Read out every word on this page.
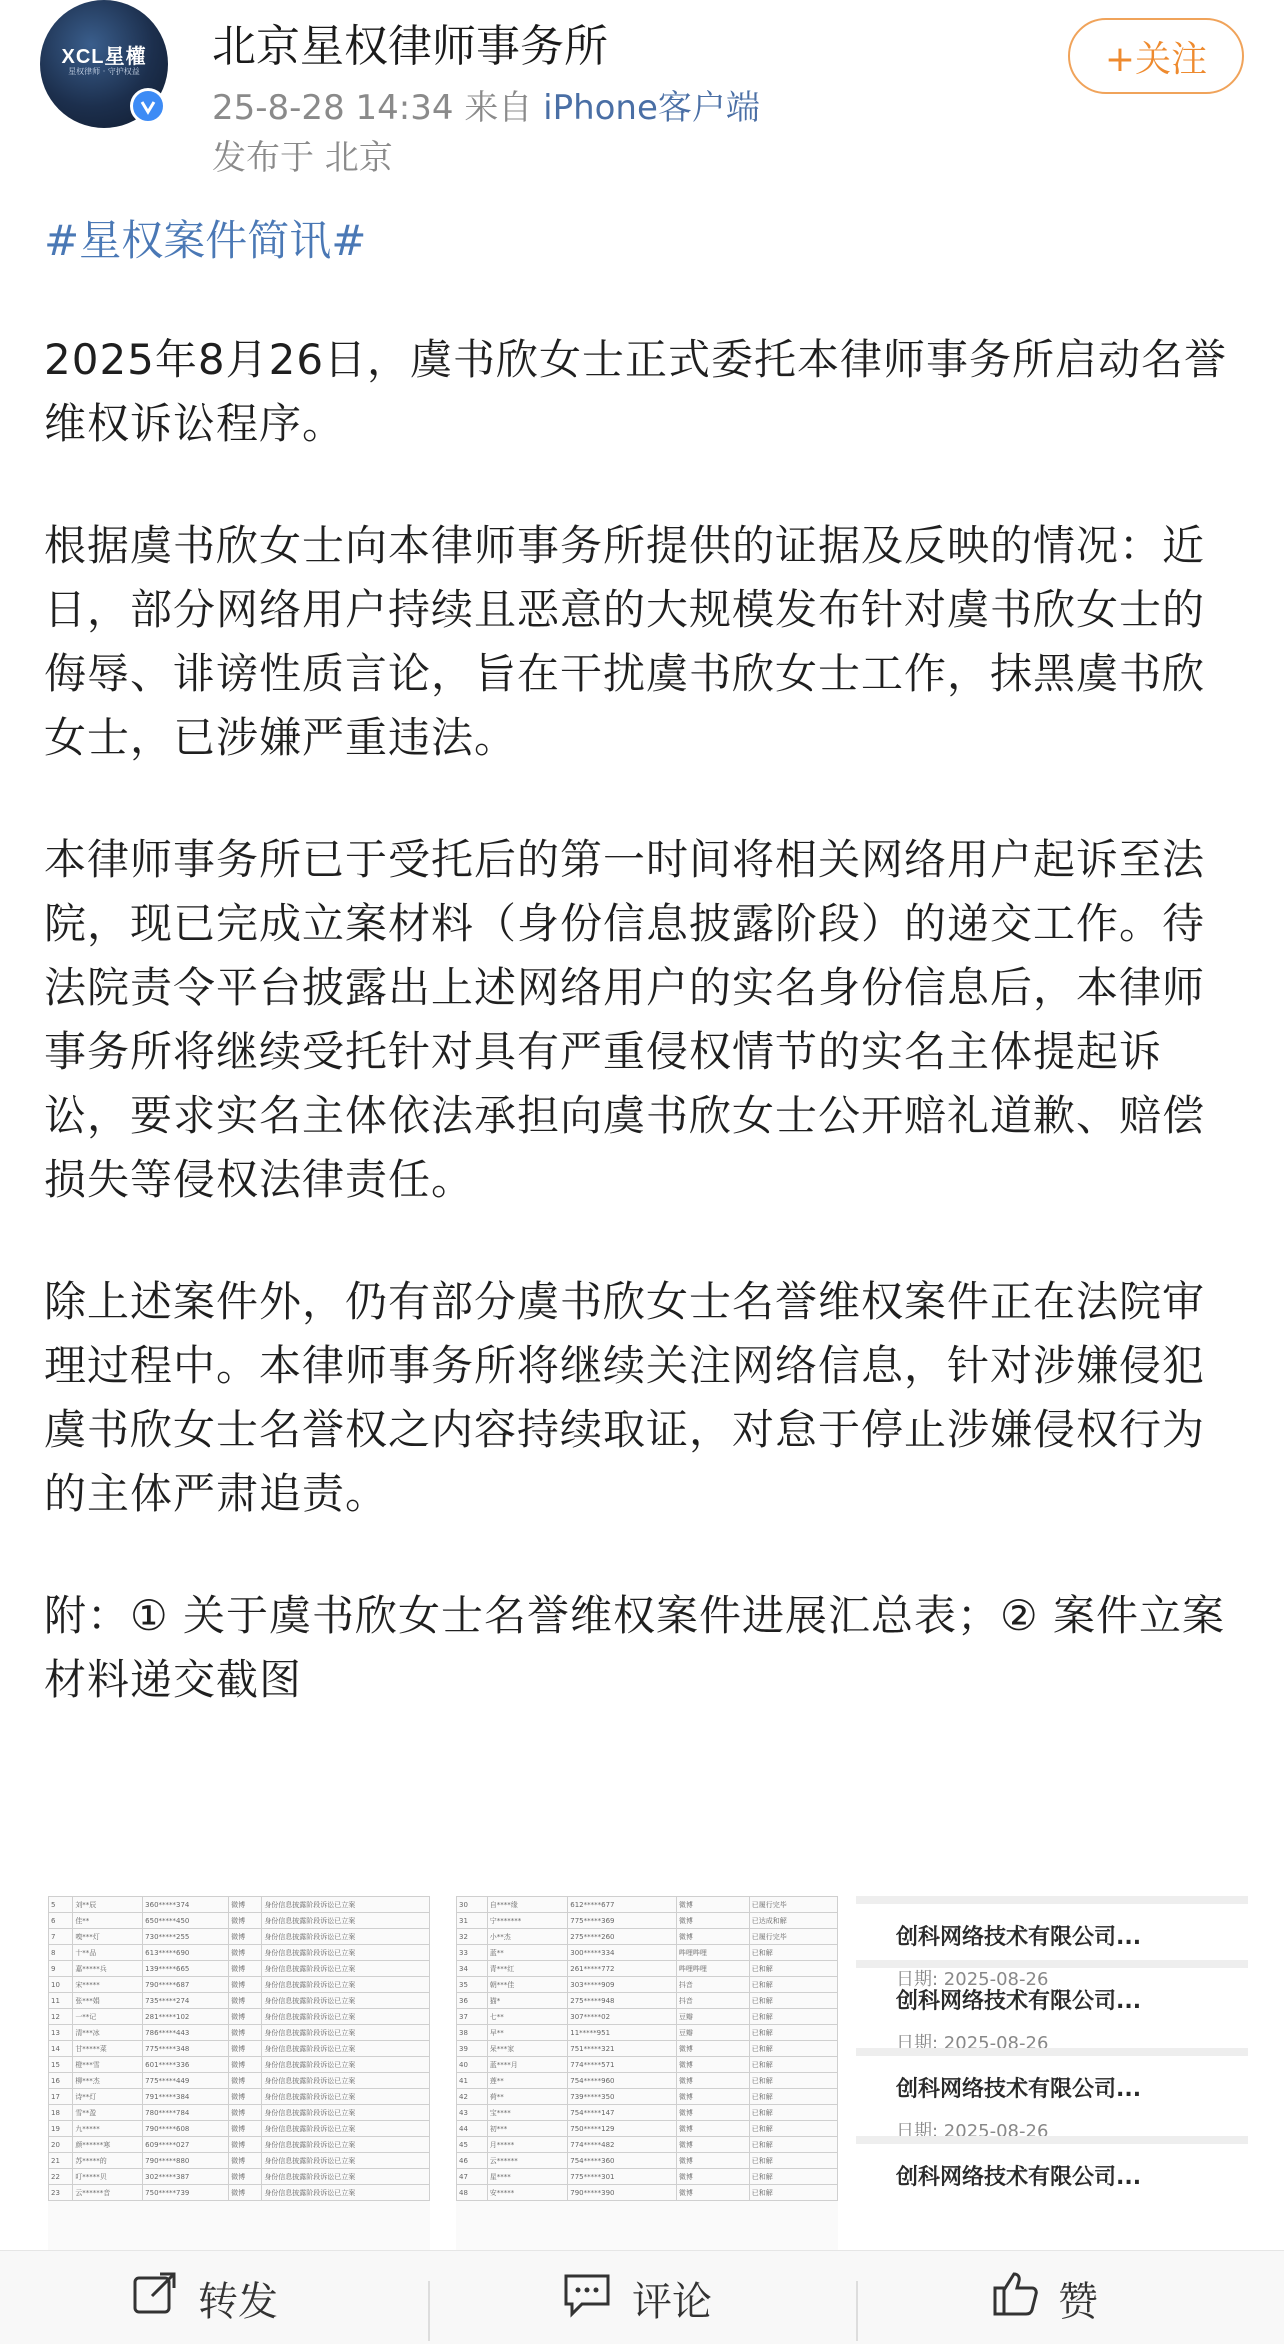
XCL星權
星权律师 · 守护权益 北京星权律师事务所
25-8-28 14:34 来自 iPhone客户端
发布于 北京
+关注
#星权案件简讯#

2025年8月26日，虞书欣女士正式委托本律师事务所启动名誉维权诉讼程序。

根据虞书欣女士向本律师事务所提供的证据及反映的情况：近日，部分网络用户持续且恶意的大规模发布针对虞书欣女士的侮辱、诽谤性质言论，旨在干扰虞书欣女士工作，抹黑虞书欣女士，已涉嫌严重违法。

本律师事务所已于受托后的第一时间将相关网络用户起诉至法院，现已完成立案材料（身份信息披露阶段）的递交工作。待法院责令平台披露出上述网络用户的实名身份信息后，本律师事务所将继续受托针对具有严重侵权情节的实名主体提起诉讼，要求实名主体依法承担向虞书欣女士公开赔礼道歉、赔偿损失等侵权法律责任。

除上述案件外，仍有部分虞书欣女士名誉维权案件正在法院审理过程中。本律师事务所将继续关注网络信息，针对涉嫌侵犯虞书欣女士名誉权之内容持续取证，对怠于停止涉嫌侵权行为的主体严肃追责。

附：① 关于虞书欣女士名誉维权案件进展汇总表；② 案件立案材料递交截图

5	刘**辰	360*****374	微博	身份信息披露阶段诉讼已立案
6	佳**	650*****450	微博	身份信息披露阶段诉讼已立案
7	嗅***灯	730*****255	微博	身份信息披露阶段诉讼已立案
8	十**品	613*****690	微博	身份信息披露阶段诉讼已立案
9	嘉*****兵	139*****665	微博	身份信息披露阶段诉讼已立案
10	宋*****	790*****687	微博	身份信息披露阶段诉讼已立案
11	张***娟	735*****274	微博	身份信息披露阶段诉讼已立案
12	一**记	281*****102	微博	身份信息披露阶段诉讼已立案
13	清***冰	786*****443	微博	身份信息披露阶段诉讼已立案
14	甘*****菜	775*****348	微博	身份信息披露阶段诉讼已立案
15	橙***雪	601*****336	微博	身份信息披露阶段诉讼已立案
16	柳***杰	775*****449	微博	身份信息披露阶段诉讼已立案
17	诗**灯	791*****384	微博	身份信息披露阶段诉讼已立案
18	雪**盈	780*****784	微博	身份信息披露阶段诉讼已立案
19	九*****	790*****608	微博	身份信息披露阶段诉讼已立案
20	颜******寒	609*****027	微博	身份信息披露阶段诉讼已立案
21	苏*****的	790*****880	微博	身份信息披露阶段诉讼已立案
22	叮*****贝	302*****387	微博	身份信息披露阶段诉讼已立案
23	云******音	750*****739	微博	身份信息披露阶段诉讼已立案
30	自****缘	612*****677	微博	已履行完毕
31	宁*******	775*****369	微博	已达成和解
32	小**杰	275*****260	微博	已履行完毕
33	蓝**	300*****334	哔哩哔哩	已和解
34	青***红	261*****772	哔哩哔哩	已和解
35	朝***佳	303*****909	抖音	已和解
36	猫*	275*****948	抖音	已和解
37	七**	307*****02	豆瓣	已和解
38	早**	11*****951	豆瓣	已和解
39	呆***家	751*****321	微博	已和解
40	蓝****月	774*****571	微博	已和解
41	莲**	754*****960	微博	已和解
42	荷**	739*****350	微博	已和解
43	宝****	754*****147	微博	已和解
44	初***	750*****129	微博	已和解
45	月*****	774*****482	微博	已和解
46	云******	754*****360	微博	已和解
47	星****	775*****301	微博	已和解
48	安*****	790*****390	微博	已和解
创科网络技术有限公司...
日期: 2025-08-26
创科网络技术有限公司...
日期: 2025-08-26
创科网络技术有限公司...
日期: 2025-08-26
创科网络技术有限公司...
转发	评论	赞
